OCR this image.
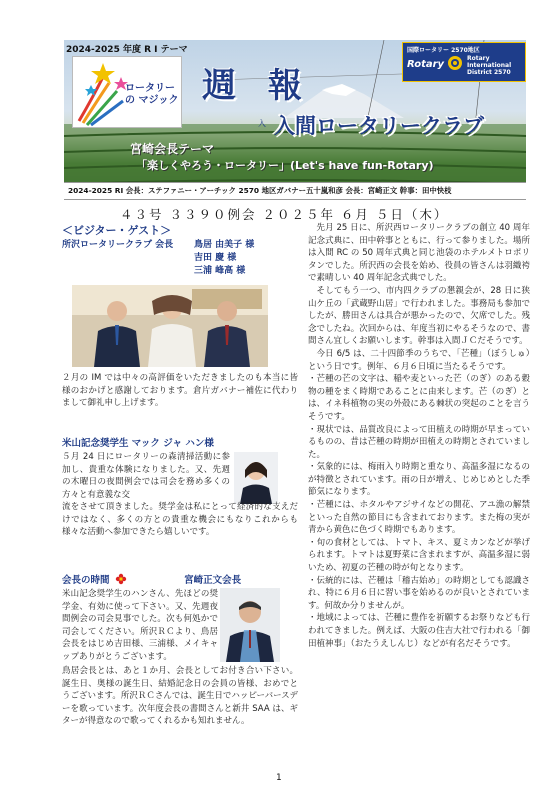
2024-2025 年度 R I テーマ
ロータリーの マジック 週 報
入 入間ロータリークラブ
国際ロータリー 2570地区
Rotary
Rotary
International
District 2570
宮崎会長テーマ
「楽しくやろう・ロータリー」(Let's have fun-Rotary)
2024-2025 RI 会長：ステファニー・アーチック 2570 地区ガバナー五十嵐和彦 会長：宮崎正文 幹事：田中快枝
４３号 ３３９０例会 ２０２５年 ６月 ５日（木）
＜ビジター・ゲスト＞
所沢ロータリークラブ 会長 鳥居 由美子 様
吉田 慶 様
三浦 峰高 様
２月の IM では中々の高評価をいただきましたのも本当に皆様のおかげと感謝しております。倉片ガバナー補佐に代わりまして御礼申し上げます。
米山記念奨学生 マック ジャ ハン様
５月 24 日にロータリーの森清掃活動に参加し、貴重な体験になりました。又、先週の木曜日の夜間例会では司会を務め多くの方々と有意義な交
流をさせて頂きました。奨学金は私にとって経済的な支えだけではなく、多くの方との貴重な機会にもなりこれからも様々な活動へ参加できたら嬉しいです。
会長の時間	宮崎正文会長
米山記念奨学生のハンさん、先ほどの奨学金、有効に使って下さい。又、先週夜間例会の司会見事でした。次も何処かで司会してください。所沢ＲＣより、鳥居会長をはじめ吉田様、三浦様、メイキャップありがとうございます。
鳥居会長とは、あと１か月、会長としてお付き合い下さい。誕生日、奥様の誕生日、結婚記念日の会員の皆様、おめでとうございます。所沢ＲＣさんでは、誕生日でハッピーバースデーを歌っています。次年度会長の書間さんと新井 SAA は、ギターが得意なので歌ってくれるかも知れません。

先月 25 日に、所沢西ロータリークラブの創立 40 周年記念式典に、田中幹事とともに、行って参りました。場所は入間 RC の 50 周年式典と同じ池袋のホテルメトロポリタンでした。所沢西の会長を始め、役員の皆さんは羽織袴で素晴しい 40 周年記念式典でした。

そしてもう一つ、市内四クラブの懇親会が、28 日に狭山ケ丘の「武蔵野山居」で行われました。事務局も参加でしたが、勝田さんは具合が悪かったので、欠席でした。残念でしたね。次回からは、年度当初にやるそうなので、書間さん宜しくお願いします。幹事は入間ＪＣだそうです。

今日 6/5 は、二十四節季のうちで、「芒種」（ぼうしゅ）という日です。例年、６月６日頃に当たるそうです。

・芒種の芒の文字は、稲や麦といった芒（のぎ）のある穀物の種をまく時期であることに由来します。芒（のぎ）とは、イネ科植物の実の外殻にある棘状の突起のことを言うそうです。

・現状では、品質改良によって田植えの時期が早まっているものの、昔は芒種の時期が田植えの時期とされていました。

・気象的には、梅雨入り時期と重なり、高温多湿になるのが特徴とされています。雨の日が増え、じめじめとした季節気になります。

・芒種には、ホタルやアジサイなどの開花、アユ漁の解禁といった自然の節目にも含まれております。また梅の実が青から黄色に色づく時期でもあります。

・旬の食材としては、トマト、キス、夏ミカンなどが挙げられます。トマトは夏野菜に含まれますが、高温多湿に弱いため、初夏の芒種の時が旬となります。

・伝統的には、芒種は「稽古始め」の時期としても認識され、特に６月６日に習い事を始めるのが良いとされています。何故か分りませんが。

・地域によっては、芒種に豊作を祈願するお祭りなども行われてきました。例えば、大阪の住吉大社で行われる「御田植神事」（おたうえしんじ）などが有名だそうです。

1
